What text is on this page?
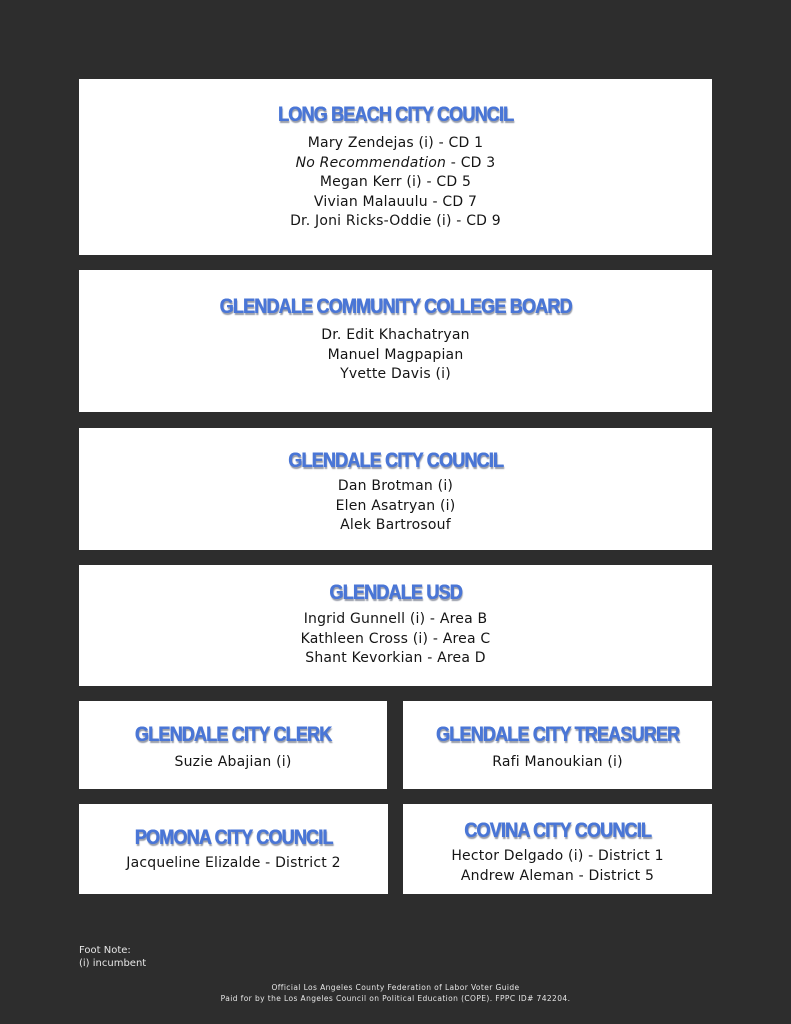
LONG BEACH CITY COUNCIL
Mary Zendejas (i) - CD 1
No Recommendation - CD 3
Megan Kerr (i) - CD 5
Vivian Malauulu - CD 7
Dr. Joni Ricks-Oddie (i) - CD 9
GLENDALE COMMUNITY COLLEGE BOARD
Dr. Edit Khachatryan
Manuel Magpapian
Yvette Davis (i)
GLENDALE CITY COUNCIL
Dan Brotman (i)
Elen Asatryan (i)
Alek Bartrosouf
GLENDALE USD
Ingrid Gunnell (i) - Area B
Kathleen Cross (i) - Area C
Shant Kevorkian - Area D
GLENDALE CITY CLERK
Suzie Abajian (i)
GLENDALE CITY TREASURER
Rafi Manoukian (i)
POMONA CITY COUNCIL
Jacqueline Elizalde - District 2
COVINA CITY COUNCIL
Hector Delgado (i) - District 1
Andrew Aleman - District 5
Foot Note:
(i) incumbent
Official Los Angeles County Federation of Labor Voter Guide
Paid for by the Los Angeles Council on Political Education (COPE). FPPC ID# 742204.
